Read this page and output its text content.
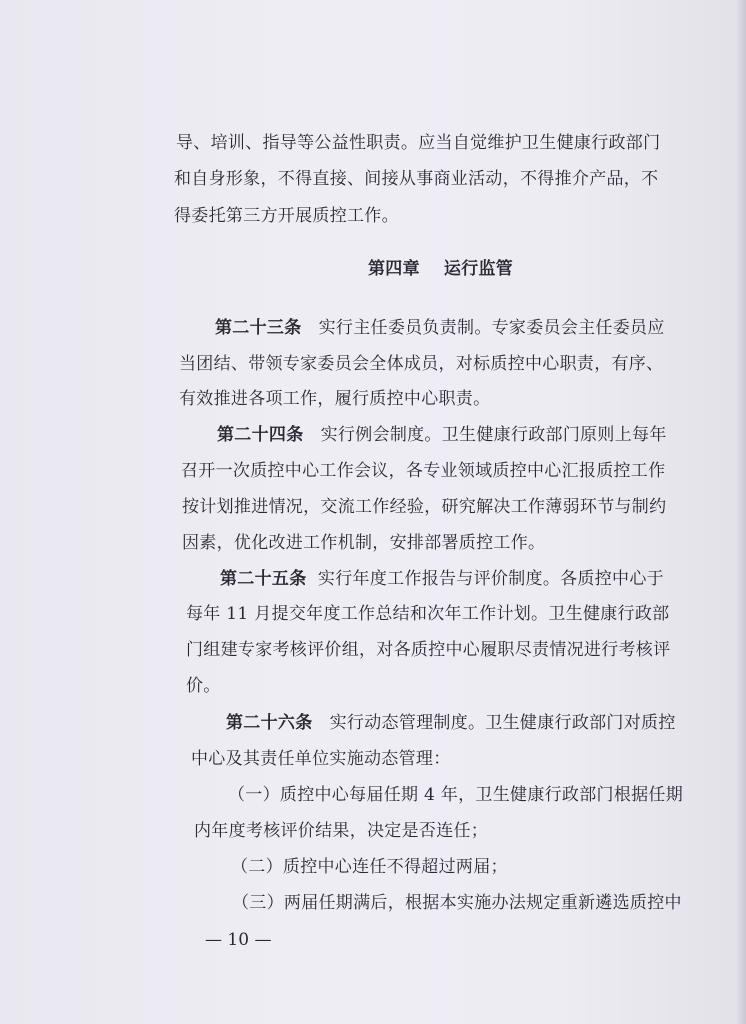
导、培训、指导等公益性职责。应当自觉维护卫生健康行政部门
和自身形象，不得直接、间接从事商业活动，不得推介产品，不
得委托第三方开展质控工作。
第四章 运行监管
第二十三条 实行主任委员负责制。专家委员会主任委员应
当团结、带领专家委员会全体成员，对标质控中心职责，有序、
有效推进各项工作，履行质控中心职责。
第二十四条 实行例会制度。卫生健康行政部门原则上每年
召开一次质控中心工作会议，各专业领域质控中心汇报质控工作
按计划推进情况，交流工作经验，研究解决工作薄弱环节与制约
因素，优化改进工作机制，安排部署质控工作。
第二十五条 实行年度工作报告与评价制度。各质控中心于
每年 11 月提交年度工作总结和次年工作计划。卫生健康行政部
门组建专家考核评价组，对各质控中心履职尽责情况进行考核评
价。
第二十六条 实行动态管理制度。卫生健康行政部门对质控
中心及其责任单位实施动态管理：
（一）质控中心每届任期 4 年，卫生健康行政部门根据任期
内年度考核评价结果，决定是否连任；
（二）质控中心连任不得超过两届；
（三）两届任期满后，根据本实施办法规定重新遴选质控中
— 10 —
